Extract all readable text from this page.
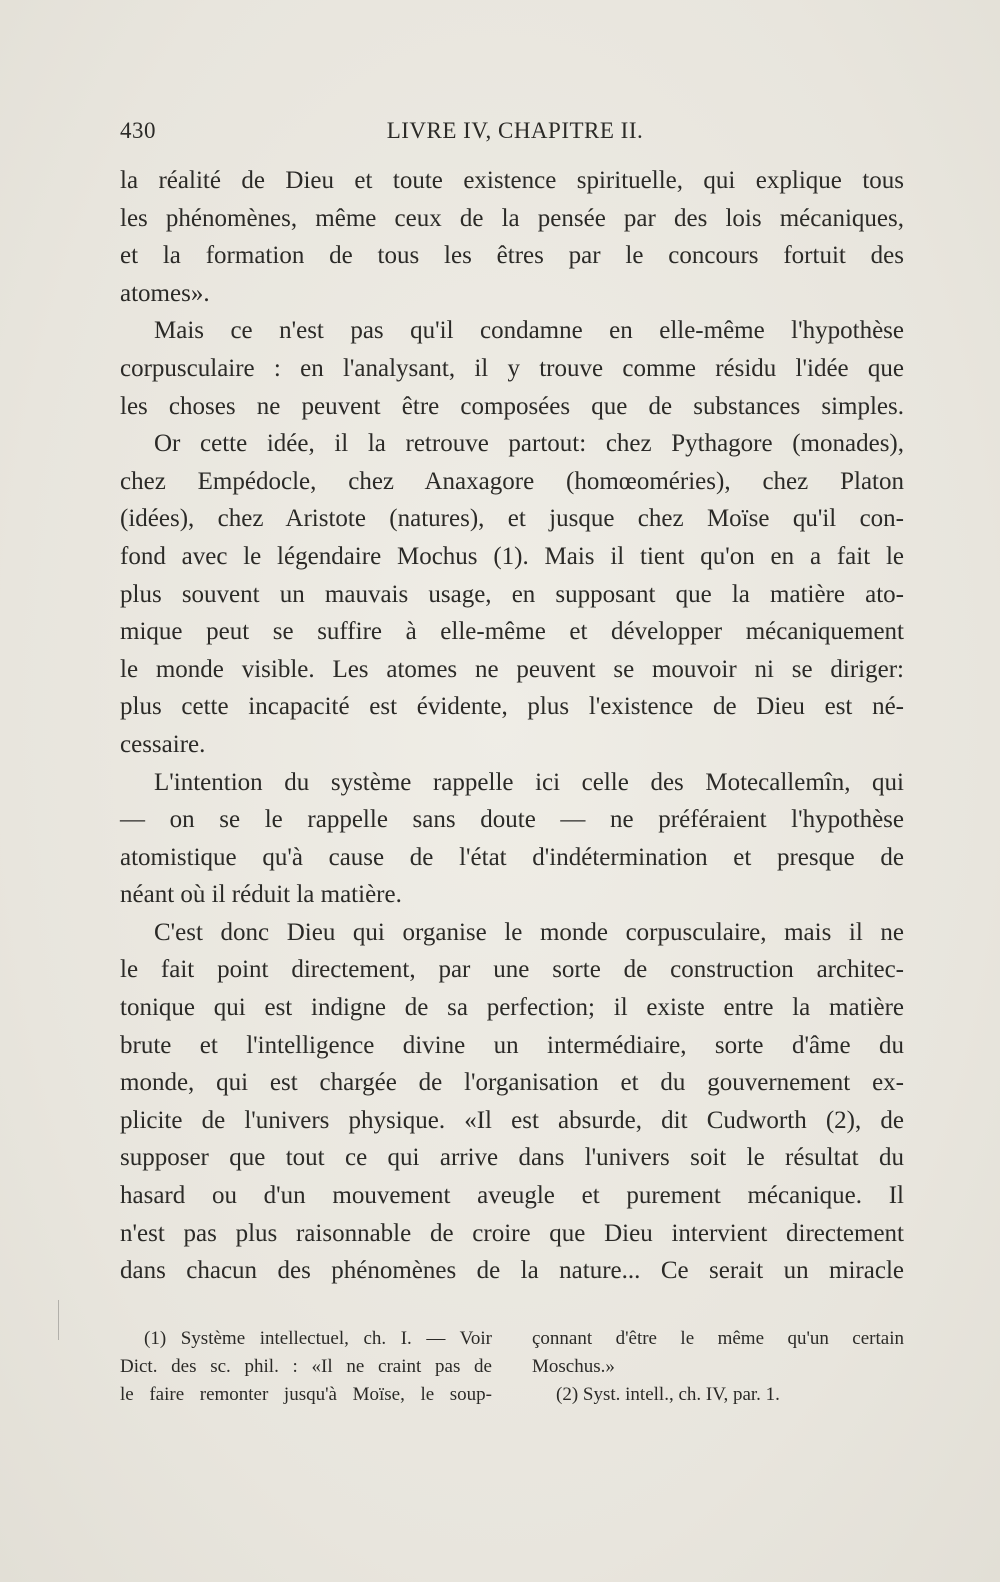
430	LIVRE IV, CHAPITRE II.
la réalité de Dieu et toute existence spirituelle, qui explique tous
les phénomènes, même ceux de la pensée par des lois mécaniques,
et la formation de tous les êtres par le concours fortuit des
atomes».
Mais ce n'est pas qu'il condamne en elle-même l'hypothèse
corpusculaire : en l'analysant, il y trouve comme résidu l'idée que
les choses ne peuvent être composées que de substances simples.
Or cette idée, il la retrouve partout: chez Pythagore (monades),
chez Empédocle, chez Anaxagore (homœoméries), chez Platon
(idées), chez Aristote (natures), et jusque chez Moïse qu'il con-
fond avec le légendaire Mochus (1). Mais il tient qu'on en a fait le
plus souvent un mauvais usage, en supposant que la matière ato-
mique peut se suffire à elle-même et développer mécaniquement
le monde visible. Les atomes ne peuvent se mouvoir ni se diriger:
plus cette incapacité est évidente, plus l'existence de Dieu est né-
cessaire.
L'intention du système rappelle ici celle des Motecallemîn, qui
— on se le rappelle sans doute — ne préféraient l'hypothèse
atomistique qu'à cause de l'état d'indétermination et presque de
néant où il réduit la matière.
C'est donc Dieu qui organise le monde corpusculaire, mais il ne
le fait point directement, par une sorte de construction architec-
tonique qui est indigne de sa perfection; il existe entre la matière
brute et l'intelligence divine un intermédiaire, sorte d'âme du
monde, qui est chargée de l'organisation et du gouvernement ex-
plicite de l'univers physique. «Il est absurde, dit Cudworth (2), de
supposer que tout ce qui arrive dans l'univers soit le résultat du
hasard ou d'un mouvement aveugle et purement mécanique. Il
n'est pas plus raisonnable de croire que Dieu intervient directement
dans chacun des phénomènes de la nature... Ce serait un miracle
(1) Système intellectuel, ch. I. — Voir
Dict. des sc. phil. : «Il ne craint pas de
le faire remonter jusqu'à Moïse, le soup-
çonnant d'être le même qu'un certain
Moschus.»
(2) Syst. intell., ch. IV, par. 1.
